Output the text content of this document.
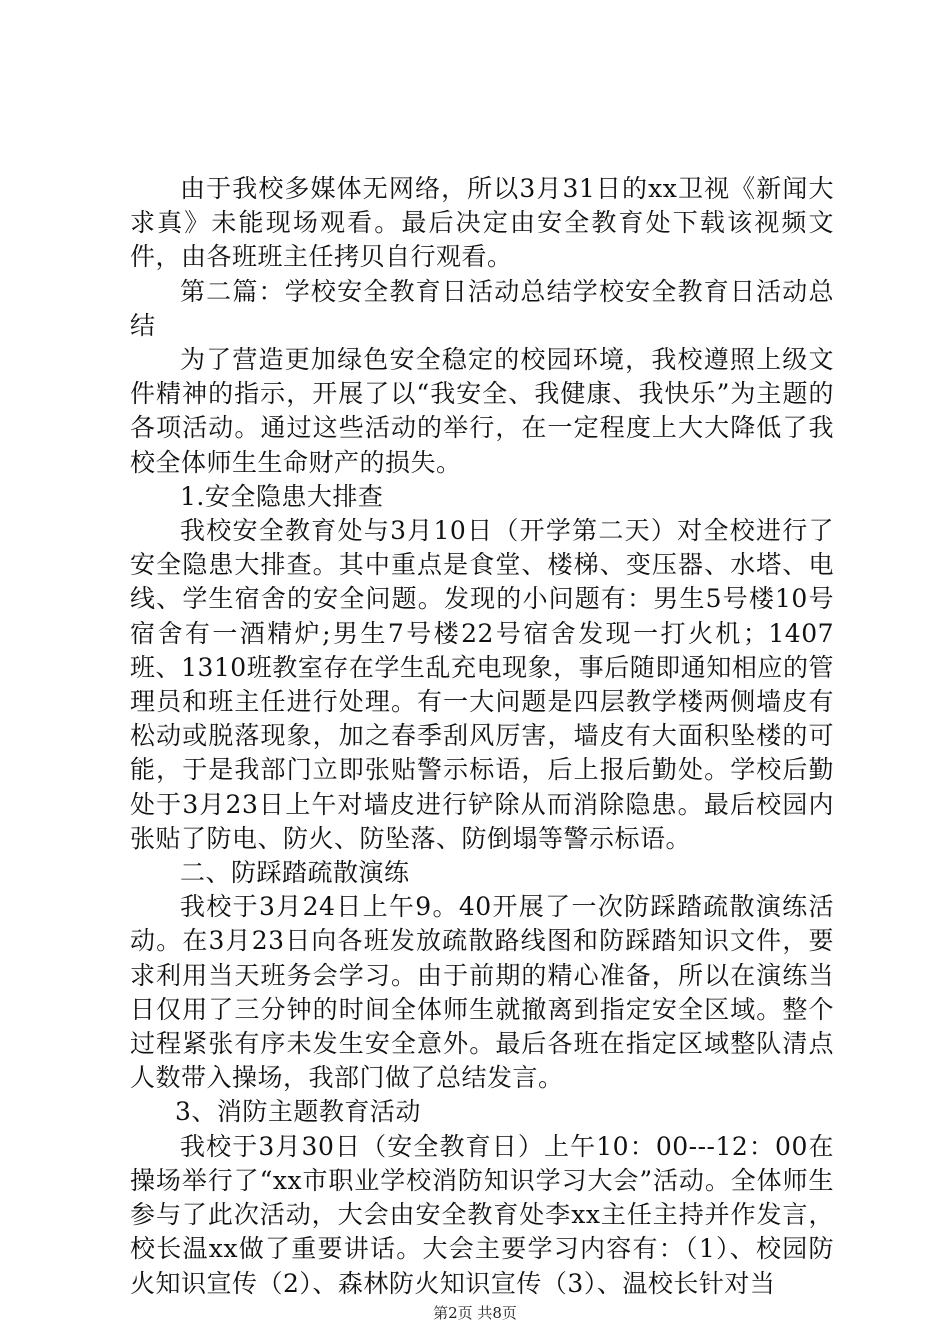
由于我校多媒体无网络，所以3月31日的xx卫视《新闻大求真》未能现场观看。最后决定由安全教育处下载该视频文件，由各班班主任拷贝自行观看。

第二篇：学校安全教育日活动总结学校安全教育日活动总结

为了营造更加绿色安全稳定的校园环境，我校遵照上级文件精神的指示，开展了以“我安全、我健康、我快乐”为主题的各项活动。通过这些活动的举行，在一定程度上大大降低了我校全体师生生命财产的损失。

1.安全隐患大排查

我校安全教育处与3月10日（开学第二天）对全校进行了安全隐患大排查。其中重点是食堂、楼梯、变压器、水塔、电线、学生宿舍的安全问题。发现的小问题有：男生5号楼10号宿舍有一酒精炉;男生7号楼22号宿舍发现一打火机；1407班、1310班教室存在学生乱充电现象，事后随即通知相应的管理员和班主任进行处理。有一大问题是四层教学楼两侧墙皮有松动或脱落现象，加之春季刮风厉害，墙皮有大面积坠楼的可能，于是我部门立即张贴警示标语，后上报后勤处。学校后勤处于3月23日上午对墙皮进行铲除从而消除隐患。最后校园内张贴了防电、防火、防坠落、防倒塌等警示标语。

二、防踩踏疏散演练

我校于3月24日上午9。40开展了一次防踩踏疏散演练活动。在3月23日向各班发放疏散路线图和防踩踏知识文件，要求利用当天班务会学习。由于前期的精心准备，所以在演练当日仅用了三分钟的时间全体师生就撤离到指定安全区域。整个过程紧张有序未发生安全意外。最后各班在指定区域整队清点人数带入操场，我部门做了总结发言。

3、消防主题教育活动

我校于3月30日（安全教育日）上午10：00---12：00在操场举行了“xx市职业学校消防知识学习大会”活动。全体师生参与了此次活动，大会由安全教育处李xx主任主持并作发言，校长温xx做了重要讲话。大会主要学习内容有：（1）、校园防火知识宣传（2）、森林防火知识宣传（3）、温校长针对当

第2页 共8页
